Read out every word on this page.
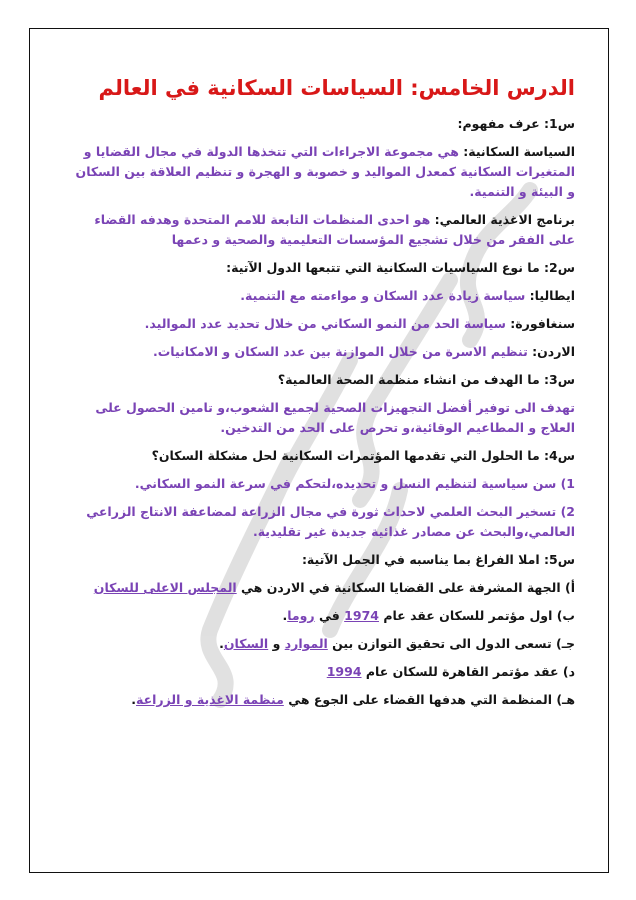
الدرس الخامس: السياسات السكانية في العالم

س1: عرف مفهوم:

السياسة السكانية: هي مجموعة الاجراءات التي تتخذها الدولة في مجال القضايا و

المتغيرات السكانية كمعدل المواليد و خصوبة و الهجرة و تنظيم العلاقة بين السكان

و البيئة و التنمية.

برنامج الاغذية العالمي: هو احدى المنظمات التابعة للامم المتحدة وهدفه القضاء

على الفقر من خلال تشجيع المؤسسات التعليمية والصحية و دعمها

س2: ما نوع السياسيات السكانية التي تتبعها الدول الآتية:

ايطاليا: سياسة زيادة عدد السكان و مواءمته مع التنمية.

سنغافورة: سياسة الحد من النمو السكاني من خلال تحديد عدد المواليد.

الاردن: تنظيم الاسرة من خلال الموازنة بين عدد السكان و الامكانيات.

س3: ما الهدف من انشاء منظمة الصحة العالمية؟

تهدف الى توفير أفضل التجهيزات الصحية لجميع الشعوب،و تامين الحصول على

العلاج و المطاعيم الوقائية،و تحرص على الحد من التدخين.

س4: ما الحلول التي تقدمها المؤتمرات السكانية لحل مشكلة السكان؟

1) سن سياسية لتنظيم النسل و تحديده،لتحكم في سرعة النمو السكاني.

2) تسخير البحث العلمي لاحداث ثورة في مجال الزراعة لمضاعفة الانتاج الزراعي

العالمي،والبحث عن مصادر غذائية جديدة غير تقليدية.

س5: املا الفراغ بما يناسبه في الجمل الآتية:

أ) الجهة المشرفة على القضايا السكانية في الاردن هي المجلس الاعلى للسكان

ب) اول مؤتمر للسكان عقد عام 1974 في روما.

جـ) تسعى الدول الى تحقيق التوازن بين الموارد و السكان.

د) عقد مؤتمر القاهرة للسكان عام 1994

هـ) المنظمة التي هدفها القضاء على الجوع هي منظمة الاغذية و الزراعة.
